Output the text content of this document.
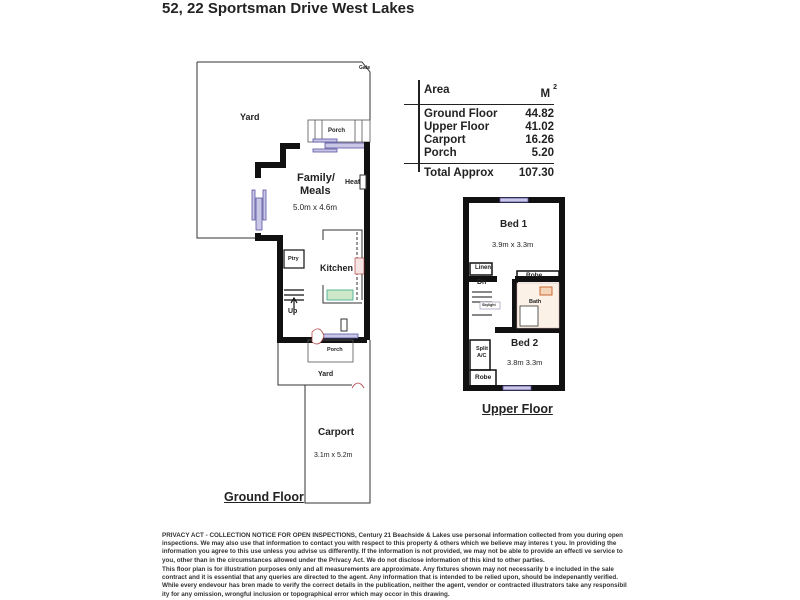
52, 22 Sportsman Drive West Lakes
Area	$M^2$
Ground Floor 44.82
Upper Floor	41.02
Carport	16.26
Porch	5.20
Total Approx 107.30
Yard
Gate
Porch
Family/
Meals
5.0m x 4.6m
Heat
Ptry
Kitchen
Up
Porch
Yard
Carport
3.1m x 5.2m
Ground Floor
Bed 1
3.9m x 3.3m
Linen
Robe
Dn
Skylight	Bath
Split
A/C
Bed 2
3.8m 3.3m
Robe
Upper Floor
PRIVACY ACT - COLLECTION NOTICE FOR OPEN INSPECTIONS, Century 21 Beachside & Lakes use personal information collected from you during open inspections. We may also use that information to contact you with respect to this property & others which we believe may interes t you. In providing the information you agree to this use unless you advise us differently. If the information is not provided, we may not be able to provide an effecti ve service to you, other than in the circumstances allowed under the Privacy Act. We do not disclose information of this kind to other parties.
This floor plan is for illustration purposes only and all measurements are approximate. Any fixtures shown may not necessarily b e included in the sale contract and it is essential that any queries are directed to the agent. Any information that is intended to be relied upon, should be indepenantly verified. While every endevour has bren made to verify the correct details in the publication, neither the agent, vendor or contracted illustrators take any responsibil ity for any omission, wrongful inclusion or topographical error which may occor in this drawing.
